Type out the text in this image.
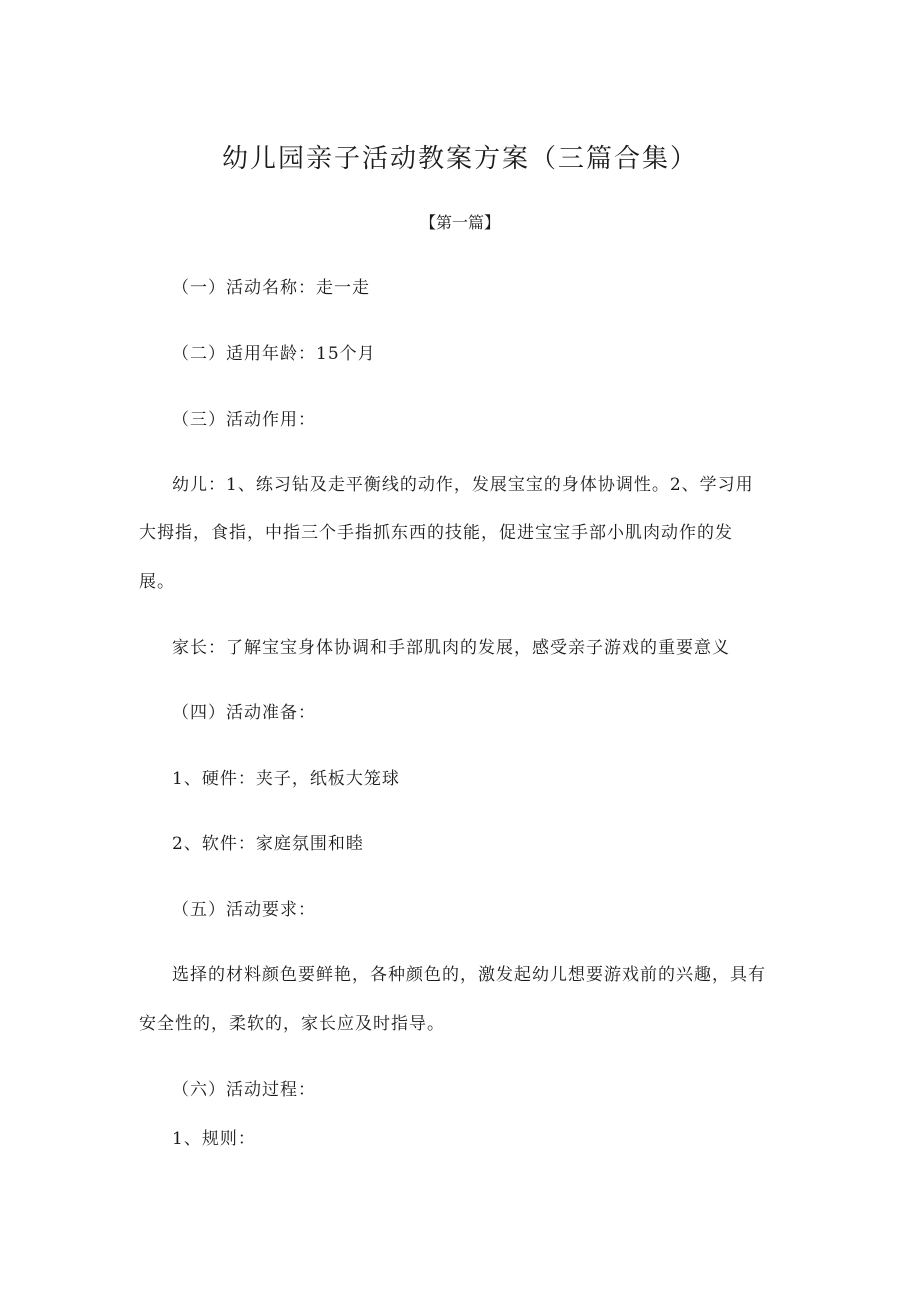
幼儿园亲子活动教案方案（三篇合集）
【第一篇】
（一）活动名称：走一走
（二）适用年龄：15个月
（三）活动作用：
幼儿：1、练习钻及走平衡线的动作，发展宝宝的身体协调性。2、学习用
大拇指，食指，中指三个手指抓东西的技能，促进宝宝手部小肌肉动作的发
展。
家长：了解宝宝身体协调和手部肌肉的发展，感受亲子游戏的重要意义
（四）活动准备：
1、硬件：夹子，纸板大笼球
2、软件：家庭氛围和睦
（五）活动要求：
选择的材料颜色要鲜艳，各种颜色的，激发起幼儿想要游戏前的兴趣，具有
安全性的，柔软的，家长应及时指导。
（六）活动过程：
1、规则：
